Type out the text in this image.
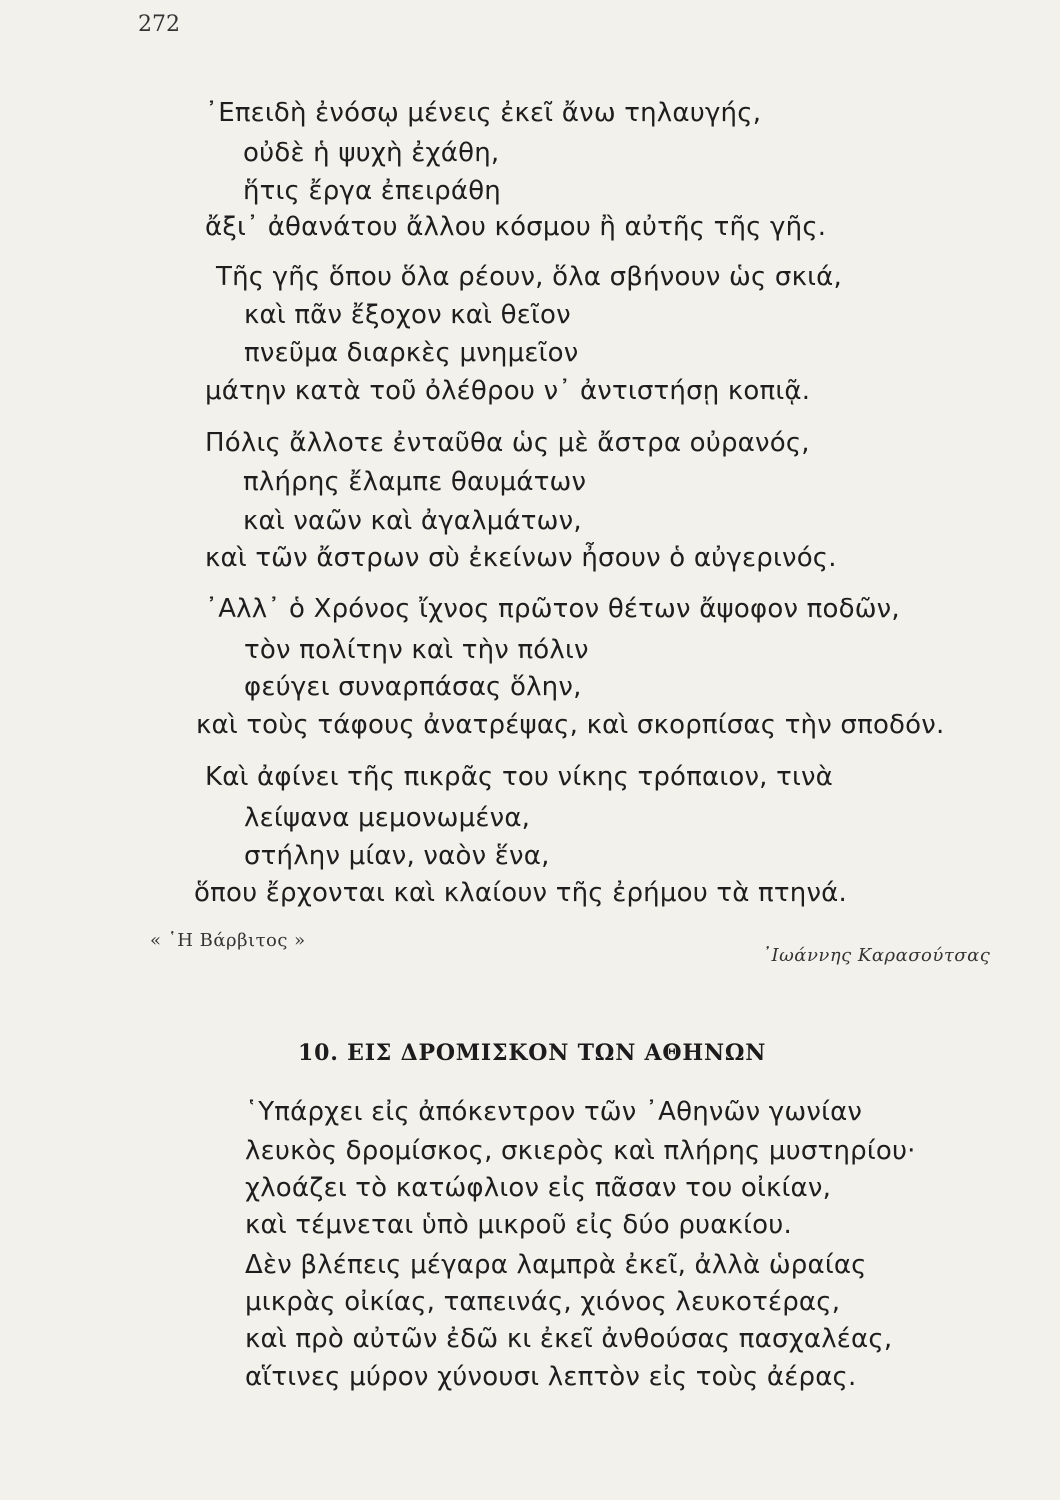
272
᾿Επειδὴ ἐνόσῳ μένεις ἐκεῖ ἄνω τηλαυγής,
οὐδὲ ἡ ψυχὴ ἐχάθη,
ἥτις ἔργα ἐπειράθη
ἄξι᾿ ἀθανάτου ἄλλου κόσμου ἢ αὐτῆς τῆς γῆς.
Τῆς γῆς ὅπου ὅλα ρέουν, ὅλα σβήνουν ὡς σκιά,
καὶ πᾶν ἔξοχον καὶ θεῖον
πνεῦμα διαρκὲς μνημεῖον
μάτην κατὰ τοῦ ὀλέθρου ν᾿ ἀντιστήσῃ κοπιᾷ.
Πόλις ἄλλοτε ἐνταῦθα ὡς μὲ ἄστρα οὐρανός,
πλήρης ἔλαμπε θαυμάτων
καὶ ναῶν καὶ ἀγαλμάτων,
καὶ τῶν ἄστρων σὺ ἐκείνων ἦσουν ὁ αὐγερινός.
᾿Αλλ᾿ ὁ Χρόνος ἴχνος πρῶτον θέτων ἄψοφον ποδῶν,
τὸν πολίτην καὶ τὴν πόλιν
φεύγει συναρπάσας ὅλην,
καὶ τοὺς τάφους ἀνατρέψας, καὶ σκορπίσας τὴν σποδόν.
Καὶ ἀφίνει τῆς πικρᾶς του νίκης τρόπαιον, τινὰ
λείψανα μεμονωμένα,
στήλην μίαν, ναὸν ἕνα,
ὅπου ἔρχονται καὶ κλαίουν τῆς ἐρήμου τὰ πτηνά.
« ῾Η Βάρβιτος »
᾿Ιωάννης Καρασούτσας
10. ΕΙΣ ΔΡΟΜΙΣΚΟΝ ΤΩΝ ΑΘΗΝΩΝ
῾Υπάρχει εἰς ἀπόκεντρον τῶν ᾿Αθηνῶν γωνίαν
λευκὸς δρομίσκος, σκιερὸς καὶ πλήρης μυστηρίου·
χλοάζει τὸ κατώφλιον εἰς πᾶσαν του οἰκίαν,
καὶ τέμνεται ὑπὸ μικροῦ εἰς δύο ρυακίου.
Δὲν βλέπεις μέγαρα λαμπρὰ ἐκεῖ, ἀλλὰ ὡραίας
μικρὰς οἰκίας, ταπεινάς, χιόνος λευκοτέρας,
καὶ πρὸ αὐτῶν ἐδῶ κι ἐκεῖ ἀνθούσας πασχαλέας,
αἵτινες μύρον χύνουσι λεπτὸν εἰς τοὺς ἀέρας.
